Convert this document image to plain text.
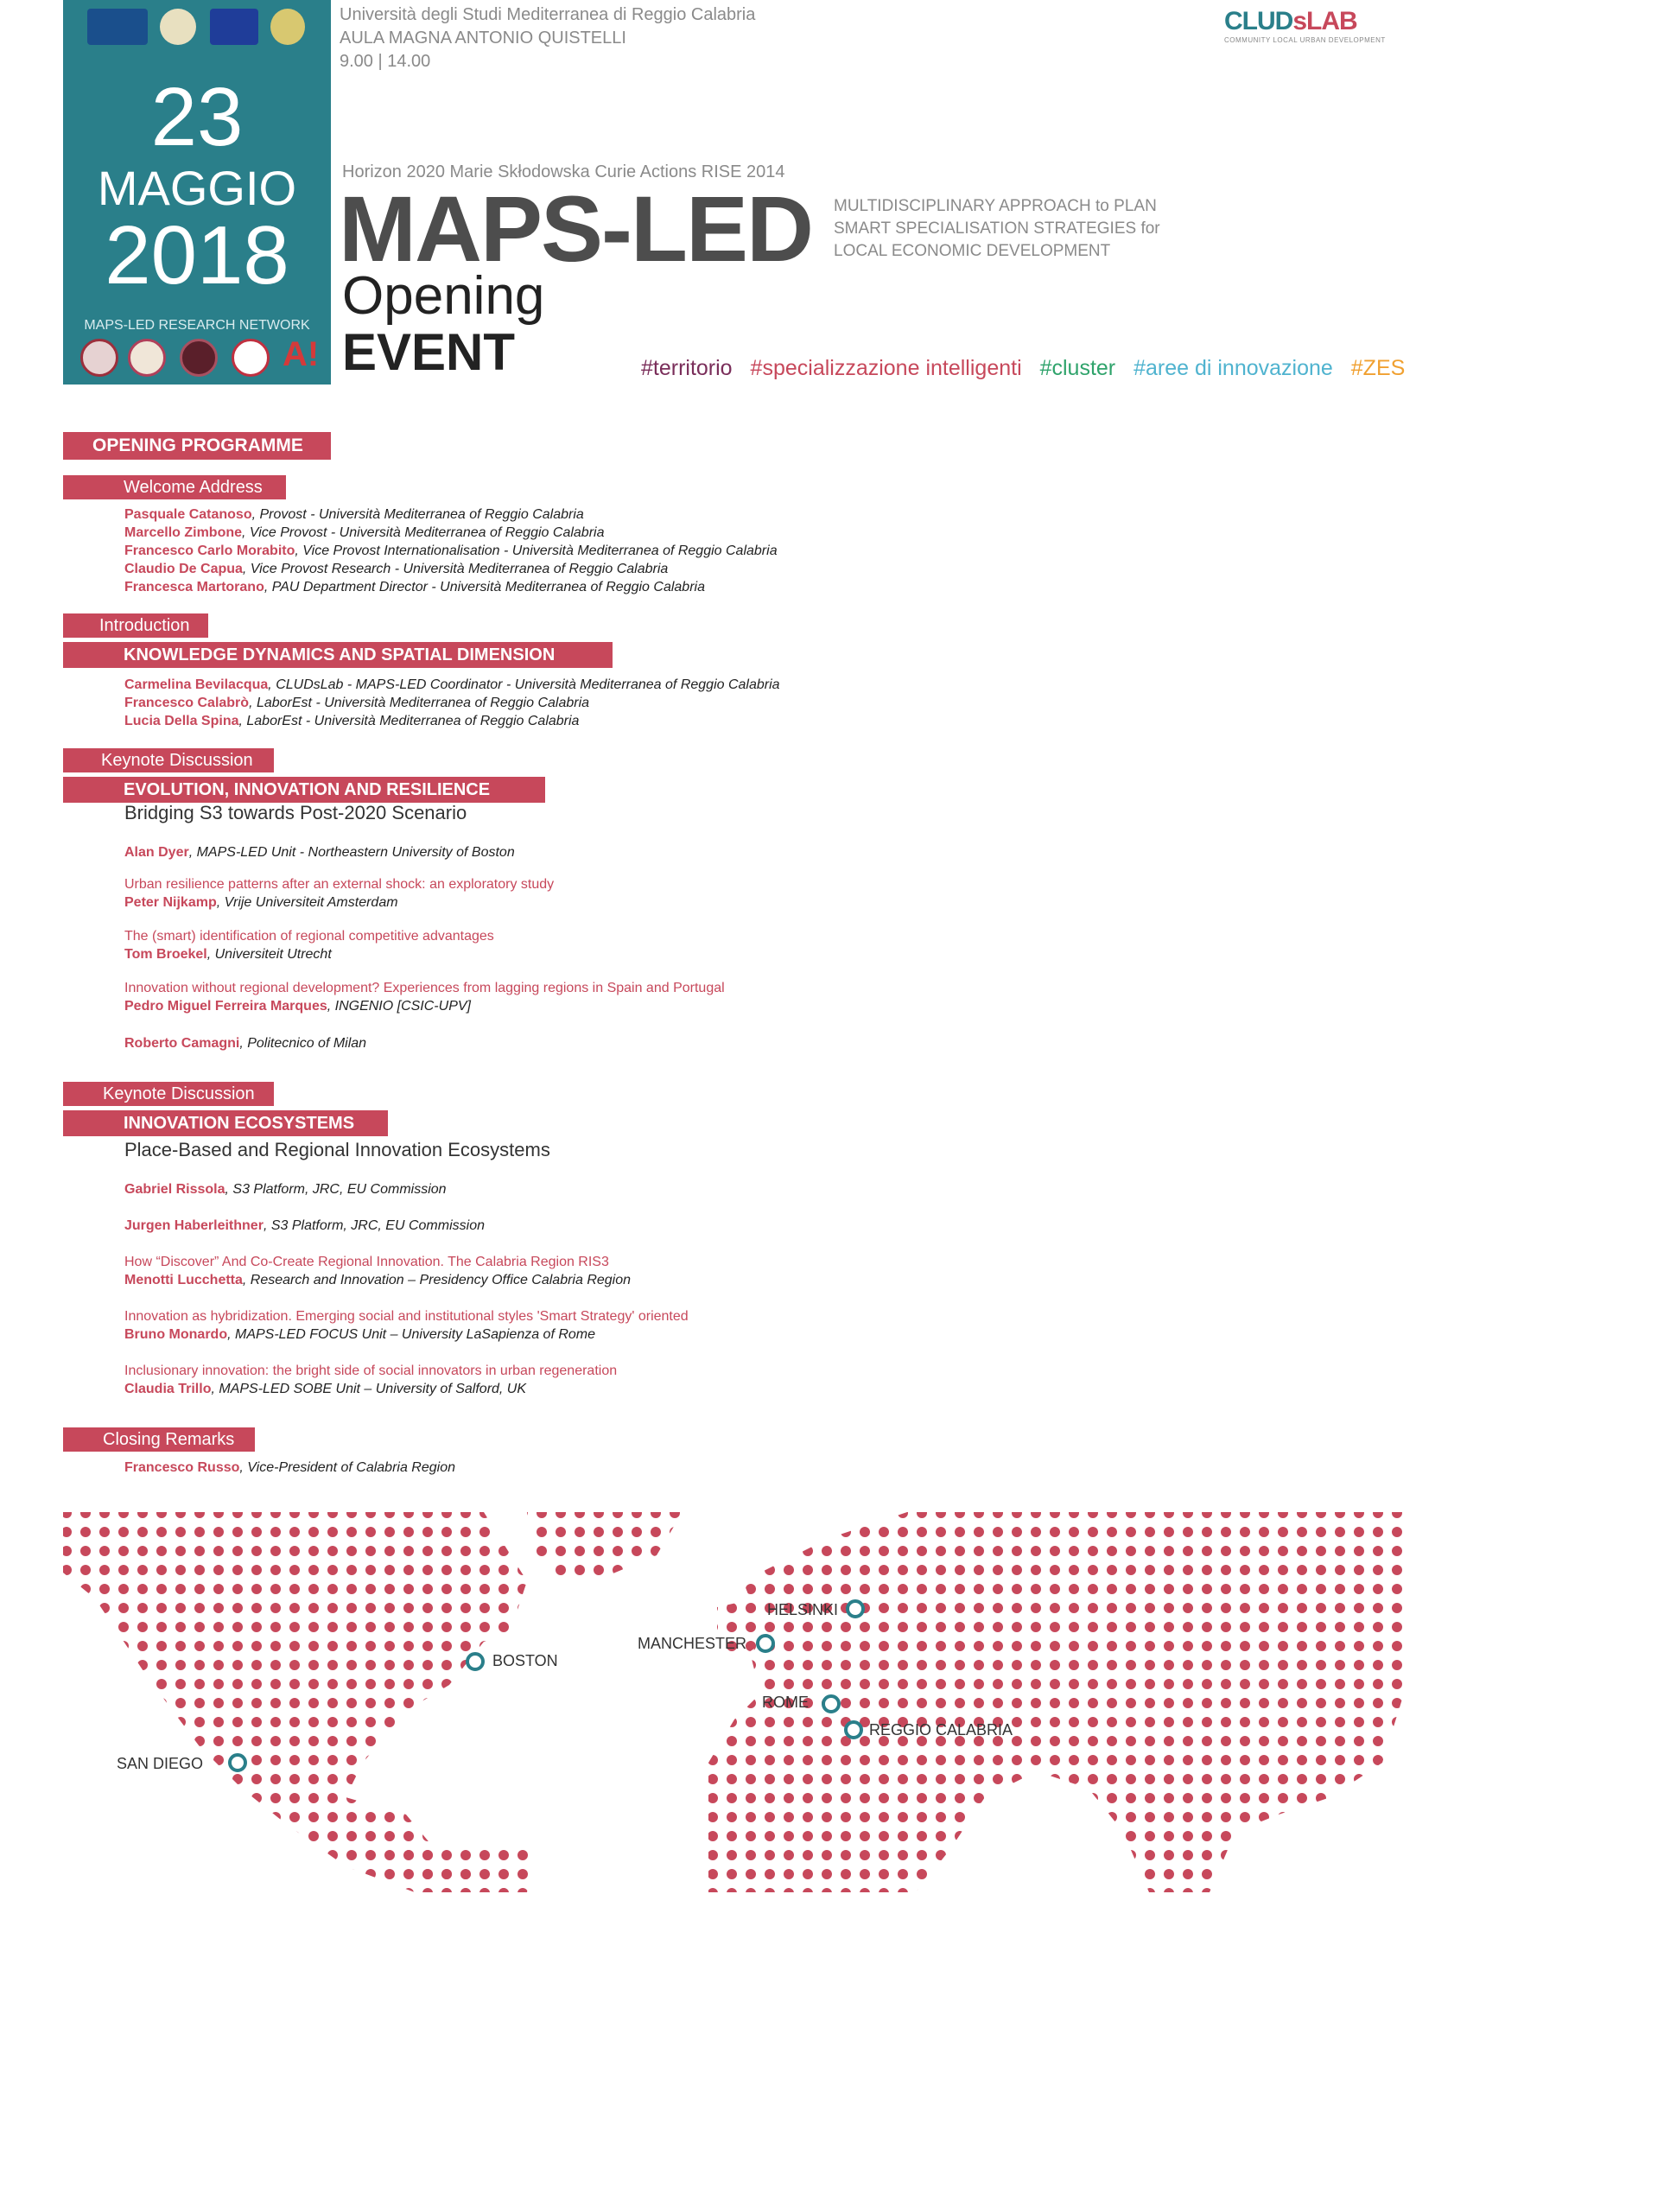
23
MAGGIO
2018
MAPS-LED RESEARCH NETWORK
A!
Università degli Studi Mediterranea di Reggio Calabria
AULA MAGNA ANTONIO QUISTELLI
9.00 | 14.00
Horizon 2020 Marie Skłodowska Curie Actions RISE 2014
MAPS-LED MULTIDISCIPLINARY APPROACH to PLAN
SMART SPECIALISATION STRATEGIES for
LOCAL ECONOMIC DEVELOPMENT
Opening
EVENT	#territorio #specializzazione intelligenti #cluster #aree di innovazione #ZES
CLUDsLAB
COMMUNITY LOCAL URBAN DEVELOPMENT
OPENING PROGRAMME
Welcome Address
Pasquale Catanoso, Provost - Università Mediterranea of Reggio Calabria
Marcello Zimbone, Vice Provost - Università Mediterranea of Reggio Calabria
Francesco Carlo Morabito, Vice Provost Internationalisation - Università Mediterranea of Reggio Calabria
Claudio De Capua, Vice Provost Research - Università Mediterranea of Reggio Calabria
Francesca Martorano, PAU Department Director - Università Mediterranea of Reggio Calabria
Introduction
KNOWLEDGE DYNAMICS AND SPATIAL DIMENSION
Carmelina Bevilacqua, CLUDsLab - MAPS-LED Coordinator - Università Mediterranea of Reggio Calabria
Francesco Calabrò, LaborEst - Università Mediterranea of Reggio Calabria
Lucia Della Spina, LaborEst - Università Mediterranea of Reggio Calabria
Keynote Discussion
EVOLUTION, INNOVATION AND RESILIENCE
Bridging S3 towards Post-2020 Scenario
Alan Dyer, MAPS-LED Unit - Northeastern University of Boston
Urban resilience patterns after an external shock: an exploratory study
Peter Nijkamp, Vrije Universiteit Amsterdam
The (smart) identification of regional competitive advantages
Tom Broekel, Universiteit Utrecht
Innovation without regional development? Experiences from lagging regions in Spain and Portugal
Pedro Miguel Ferreira Marques, INGENIO [CSIC-UPV]
Roberto Camagni, Politecnico of Milan
Keynote Discussion
INNOVATION ECOSYSTEMS
Place-Based and Regional Innovation Ecosystems
Gabriel Rissola, S3 Platform, JRC, EU Commission
Jurgen Haberleithner, S3 Platform, JRC, EU Commission
How “Discover” And Co-Create Regional Innovation. The Calabria Region RIS3
Menotti Lucchetta, Research and Innovation – Presidency Office Calabria Region
Innovation as hybridization. Emerging social and institutional styles 'Smart Strategy' oriented
Bruno Monardo, MAPS-LED FOCUS Unit – University LaSapienza of Rome
Inclusionary innovation: the bright side of social innovators in urban regeneration
Claudia Trillo, MAPS-LED SOBE Unit – University of Salford, UK
Closing Remarks
Francesco Russo, Vice-President of Calabria Region
HELSINKI
MANCHESTER
BOSTON
ROME
REGGIO CALABRIA
SAN DIEGO
